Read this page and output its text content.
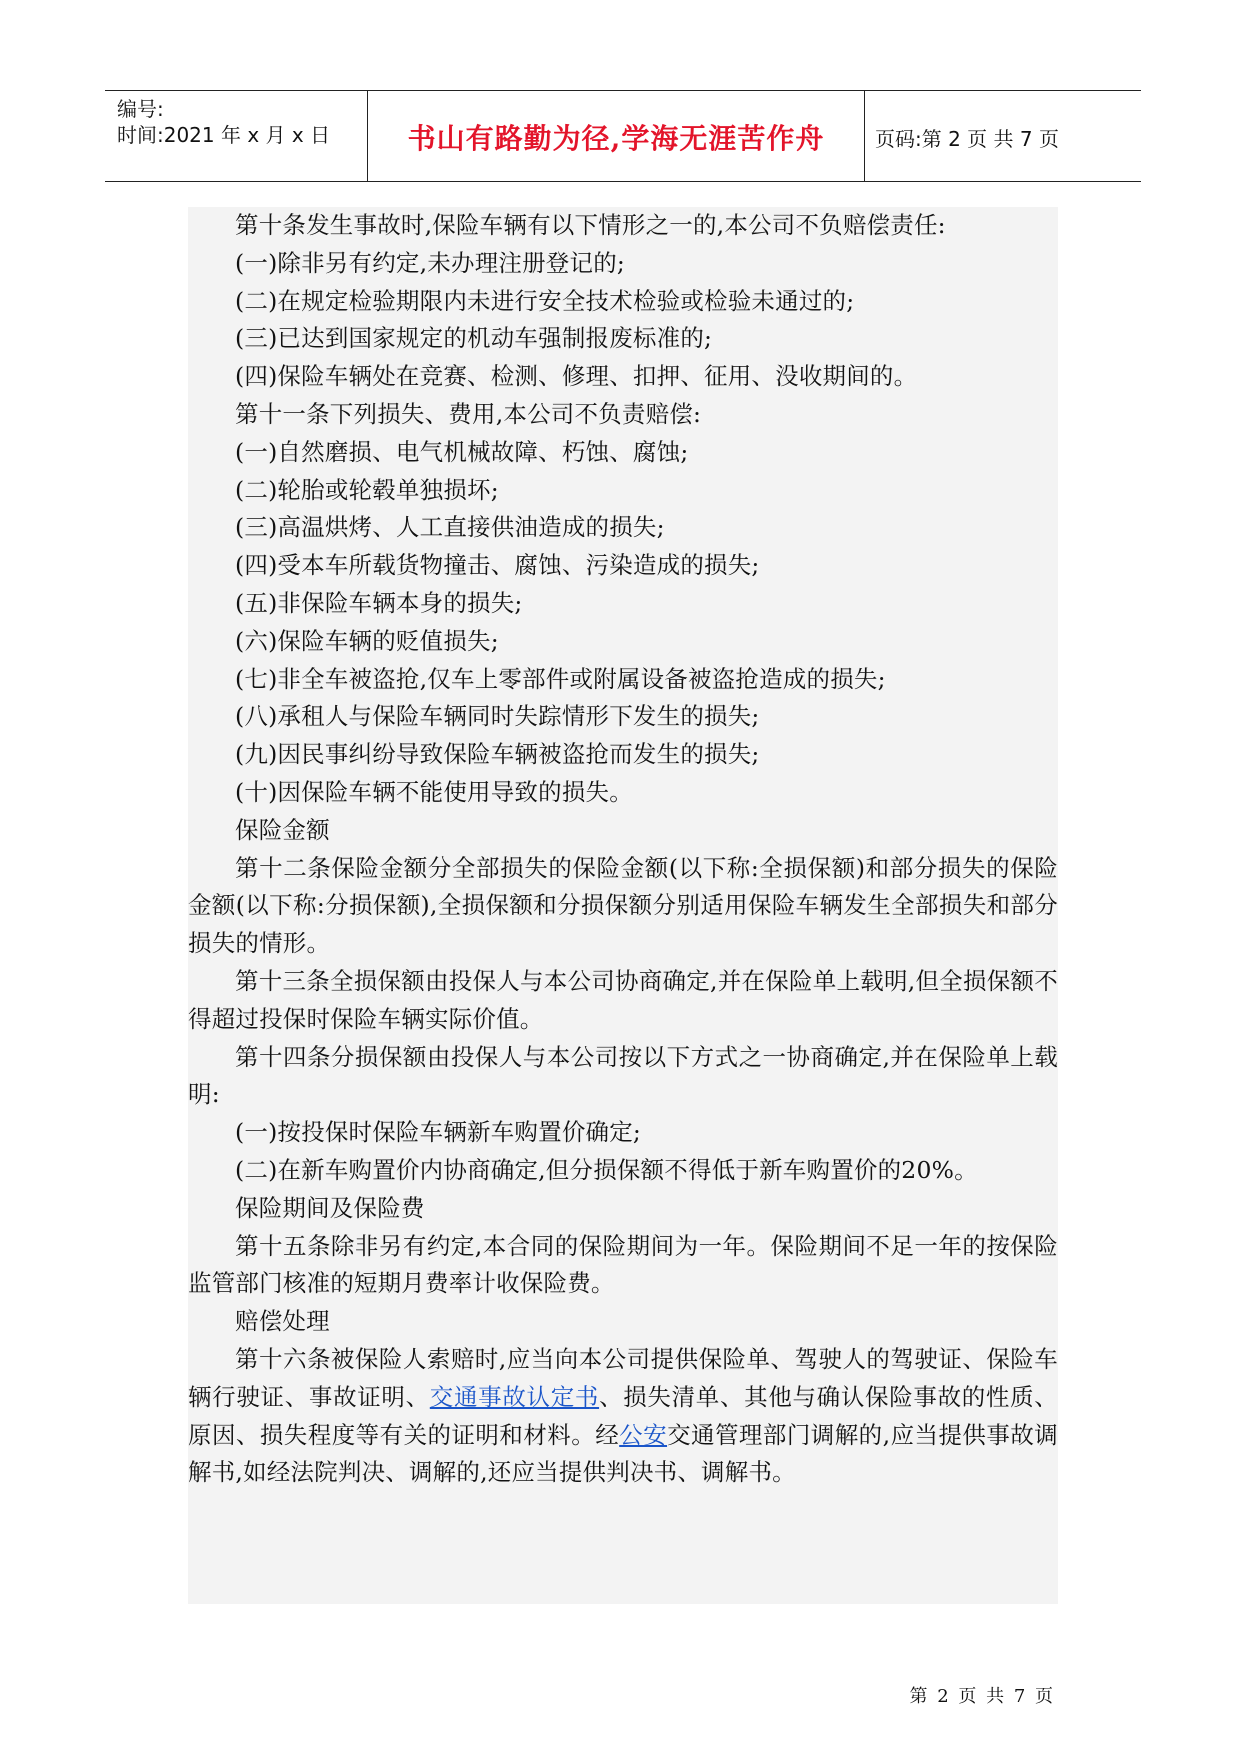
编号:
时间:2021 年 x 月 x 日	书山有路勤为径,学海无涯苦作舟	页码:第 2 页 共 7 页

第十条发生事故时,保险车辆有以下情形之一的,本公司不负赔偿责任:

(一)除非另有约定,未办理注册登记的;

(二)在规定检验期限内未进行安全技术检验或检验未通过的;

(三)已达到国家规定的机动车强制报废标准的;

(四)保险车辆处在竞赛、检测、修理、扣押、征用、没收期间的。

第十一条下列损失、费用,本公司不负责赔偿:

(一)自然磨损、电气机械故障、朽蚀、腐蚀;

(二)轮胎或轮毂单独损坏;

(三)高温烘烤、人工直接供油造成的损失;

(四)受本车所载货物撞击、腐蚀、污染造成的损失;

(五)非保险车辆本身的损失;

(六)保险车辆的贬值损失;

(七)非全车被盗抢,仅车上零部件或附属设备被盗抢造成的损失;

(八)承租人与保险车辆同时失踪情形下发生的损失;

(九)因民事纠纷导致保险车辆被盗抢而发生的损失;

(十)因保险车辆不能使用导致的损失。

保险金额

第十二条保险金额分全部损失的保险金额(以下称:全损保额)和部分损失的保险金额(以下称:分损保额),全损保额和分损保额分别适用保险车辆发生全部损失和部分损失的情形。

第十三条全损保额由投保人与本公司协商确定,并在保险单上载明,但全损保额不得超过投保时保险车辆实际价值。

第十四条分损保额由投保人与本公司按以下方式之一协商确定,并在保险单上载明:

(一)按投保时保险车辆新车购置价确定;

(二)在新车购置价内协商确定,但分损保额不得低于新车购置价的20%。

保险期间及保险费

第十五条除非另有约定,本合同的保险期间为一年。保险期间不足一年的按保险监管部门核准的短期月费率计收保险费。

赔偿处理

第十六条被保险人索赔时,应当向本公司提供保险单、驾驶人的驾驶证、保险车辆行驶证、事故证明、交通事故认定书、损失清单、其他与确认保险事故的性质、原因、损失程度等有关的证明和材料。经公安交通管理部门调解的,应当提供事故调解书,如经法院判决、调解的,还应当提供判决书、调解书。

第 2 页 共 7 页
